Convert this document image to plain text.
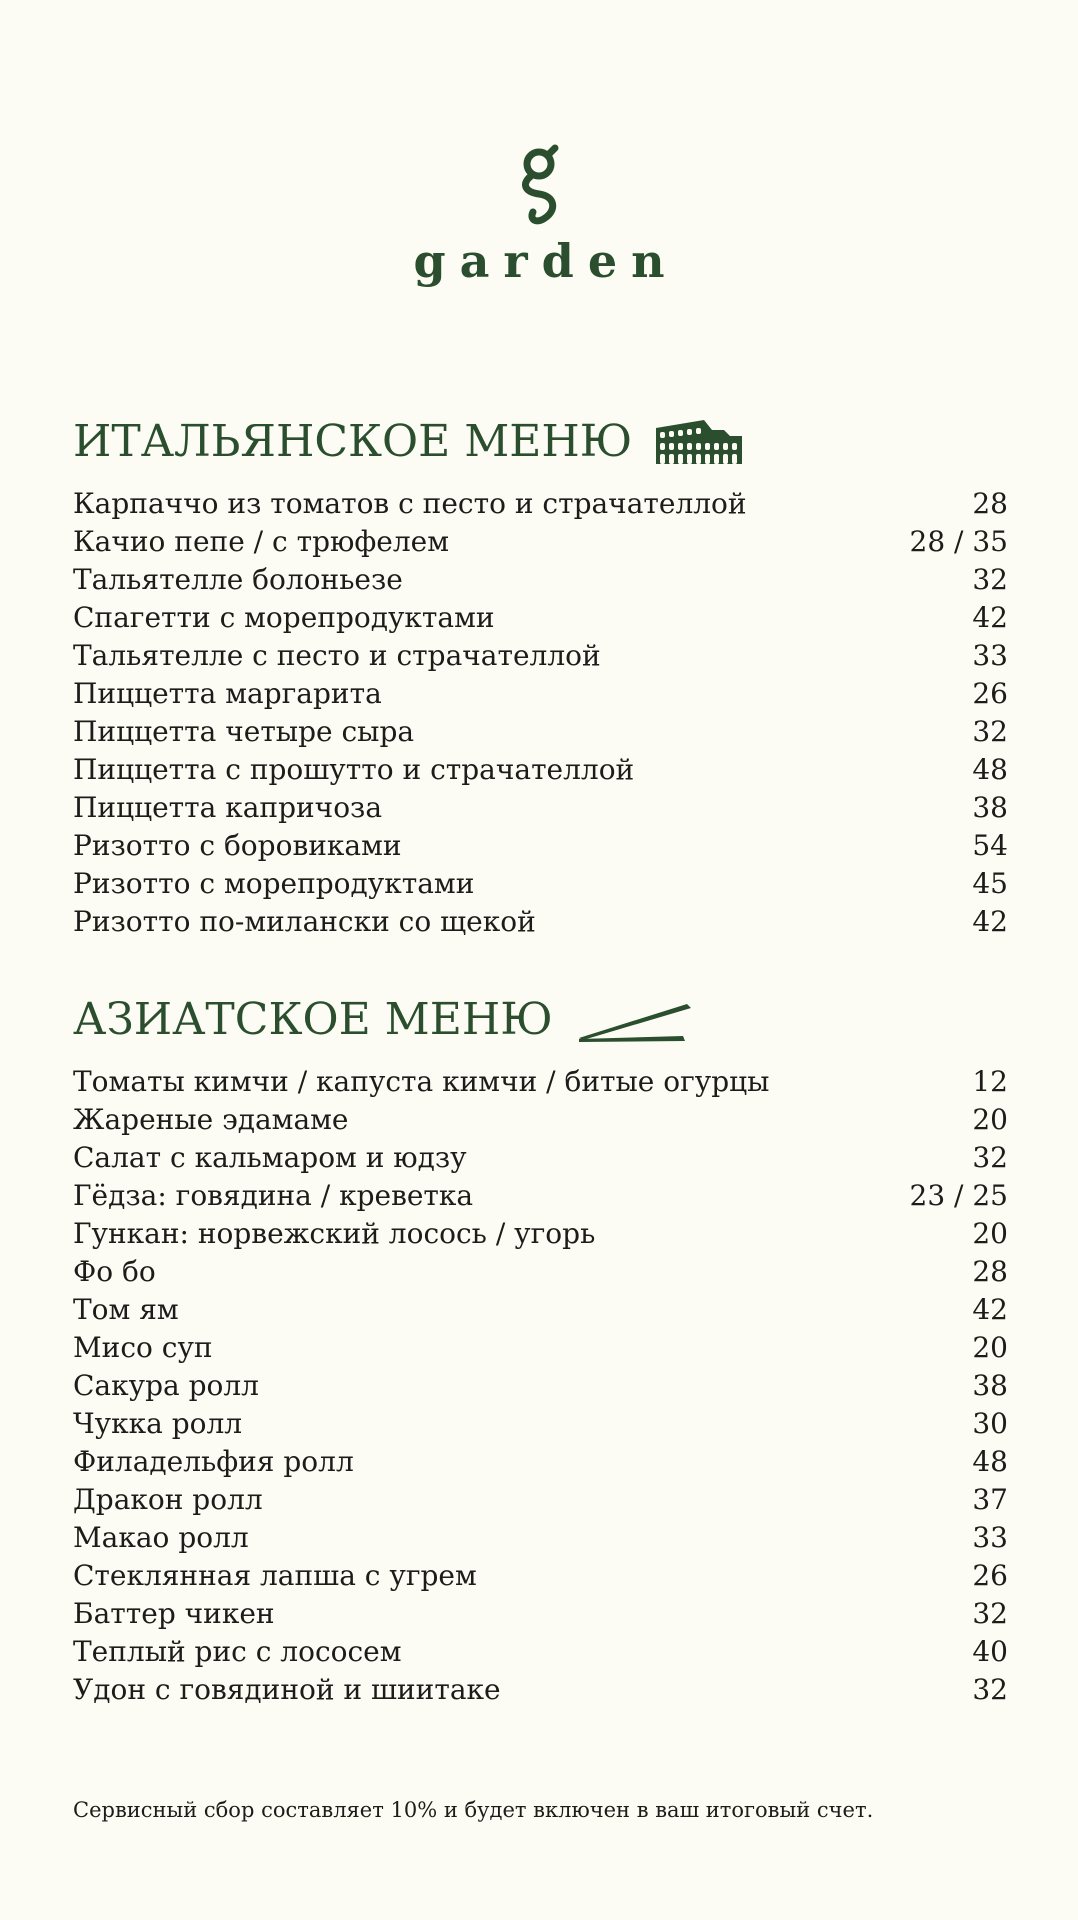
garden
ИТАЛЬЯНСКОЕ МЕНЮ
Карпаччо из томатов с песто и страчателлой	28
Качио пепе / с трюфелем	28 / 35
Тальятелле болоньезе	32
Спагетти с морепродуктами	42
Тальятелле с песто и страчателлой	33
Пиццетта маргарита	26
Пиццетта четыре сыра	32
Пиццетта с прошутто и страчателлой	48
Пиццетта капричоза	38
Ризотто с боровиками	54
Ризотто с морепродуктами	45
Ризотто по-милански со щекой	42
АЗИАТСКОЕ МЕНЮ
Томаты кимчи / капуста кимчи / битые огурцы	12
Жареные эдамаме	20
Салат с кальмаром и юдзу	32
Гёдза: говядина / креветка	23 / 25
Гункан: норвежский лосось / угорь	20
Фо бо	28
Том ям	42
Мисо суп	20
Сакура ролл	38
Чукка ролл	30
Филадельфия ролл	48
Дракон ролл	37
Макао ролл	33
Стеклянная лапша с угрем	26
Баттер чикен	32
Теплый рис с лососем	40
Удон с говядиной и шиитаке	32
Сервисный сбор составляет 10% и будет включен в ваш итоговый счет.
